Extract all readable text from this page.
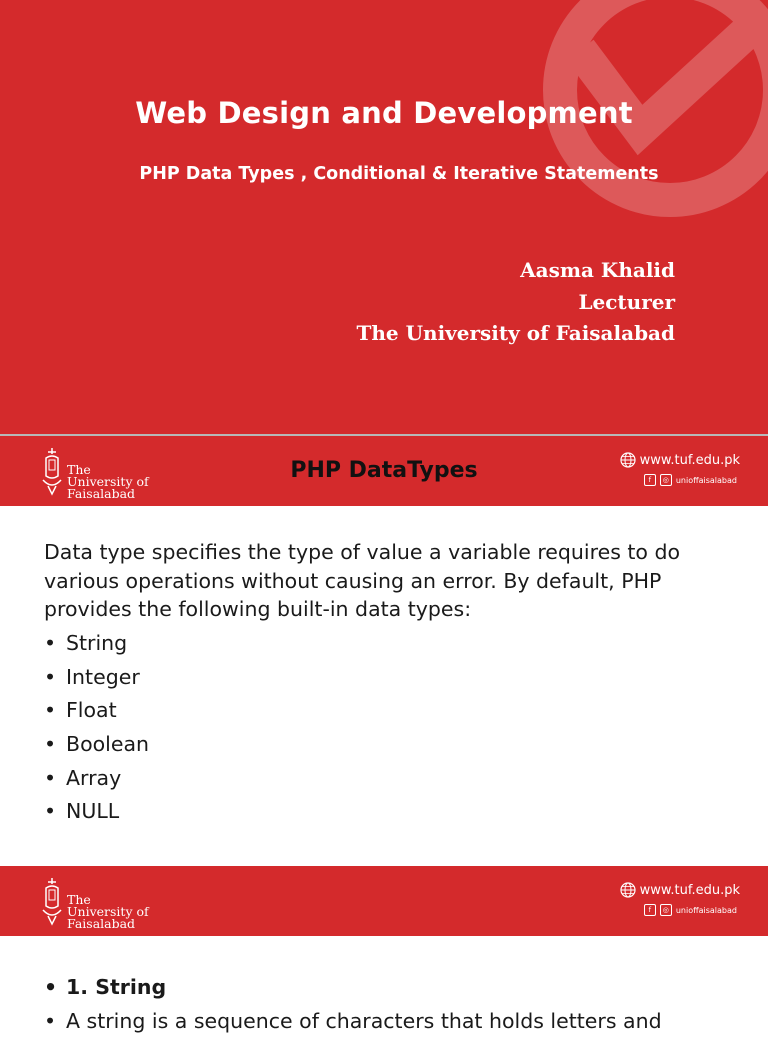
Web Design and Development
PHP Data Types , Conditional & Iterative Statements
Aasma Khalid
Lecturer
The University of Faisalabad
The
University of
Faisalabad
PHP DataTypes	www.tuf.edu.pk
f	◎ unioffaisalabad
Data type specifies the type of value a variable requires to do various operations without causing an error. By default, PHP provides the following built-in data types:
• String
• Integer
• Float
• Boolean
• Array
• NULL
The
University of
Faisalabad
www.tuf.edu.pk
f	◎ unioffaisalabad
• 1. String
• A string is a sequence of characters that holds letters and
